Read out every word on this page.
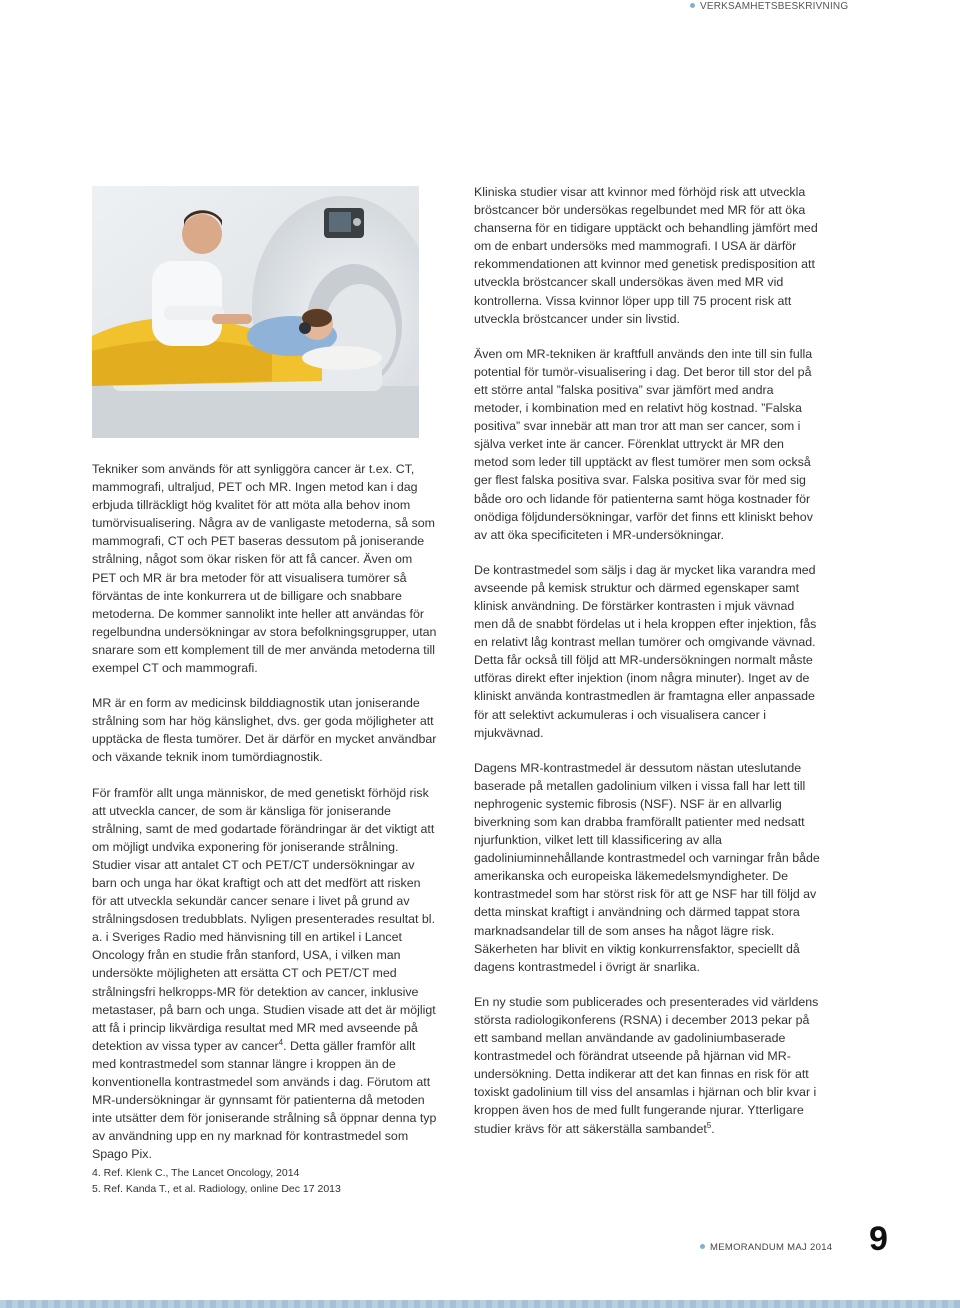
VERKSAMHETSBESKRIVNING

Tekniker som används för att synliggöra cancer är t.ex. CT, mammografi, ultraljud, PET och MR. Ingen metod kan i dag erbjuda tillräckligt hög kvalitet för att möta alla behov inom tumörvisualisering. Några av de vanligaste metoderna, så som mammografi, CT och PET baseras dessutom på joniserande strålning, något som ökar risken för att få cancer. Även om PET och MR är bra metoder för att visualisera tumörer så förväntas de inte konkurrera ut de billigare och snabbare metoderna. De kommer sannolikt inte heller att användas för regelbundna undersökningar av stora befolkningsgrupper, utan snarare som ett komplement till de mer använda metoderna till exempel CT och mammografi.

MR är en form av medicinsk bilddiagnostik utan joniserande strålning som har hög känslighet, dvs. ger goda möjligheter att upptäcka de flesta tumörer. Det är därför en mycket användbar och växande teknik inom tumördiagnostik.

För framför allt unga människor, de med genetiskt förhöjd risk att utveckla cancer, de som är känsliga för joniserande strålning, samt de med godartade förändringar är det viktigt att om möjligt undvika exponering för joniserande strålning. Studier visar att antalet CT och PET/CT undersökningar av barn och unga har ökat kraftigt och att det medfört att risken för att utveckla sekundär cancer senare i livet på grund av strålningsdosen tredubblats. Nyligen presenterades resultat bl. a. i Sveriges Radio med hänvisning till en artikel i Lancet Oncology från en studie från stanford, USA, i vilken man undersökte möjligheten att ersätta CT och PET/CT med strålningsfri helkropps-MR för detektion av cancer, inklusive metastaser, på barn och unga. Studien visade att det är möjligt att få i princip likvärdiga resultat med MR med avseende på detektion av vissa typer av cancer$^4$. Detta gäller framför allt med kontrastmedel som stannar längre i kroppen än de konventionella kontrastmedel som används i dag. Förutom att MR-undersökningar är gynnsamt för patienterna då metoden inte utsätter dem för joniserande strålning så öppnar denna typ av användning upp en ny marknad för kontrastmedel som Spago Pix.

Kliniska studier visar att kvinnor med förhöjd risk att utveckla bröstcancer bör undersökas regelbundet med MR för att öka chanserna för en tidigare upptäckt och behandling jämfört med om de enbart undersöks med mammografi. I USA är därför rekommendationen att kvinnor med genetisk predisposition att utveckla bröstcancer skall undersökas även med MR vid kontrollerna. Vissa kvinnor löper upp till 75 procent risk att utveckla bröstcancer under sin livstid.

Även om MR-tekniken är kraftfull används den inte till sin fulla potential för tumör-visualisering i dag. Det beror till stor del på ett större antal ”falska positiva” svar jämfört med andra metoder, i kombination med en relativt hög kostnad. ”Falska positiva” svar innebär att man tror att man ser cancer, som i själva verket inte är cancer. Förenklat uttryckt är MR den metod som leder till upptäckt av flest tumörer men som också ger flest falska positiva svar. Falska positiva svar för med sig både oro och lidande för patienterna samt höga kostnader för onödiga följdundersökningar, varför det finns ett kliniskt behov av att öka specificiteten i MR-undersökningar.

De kontrastmedel som säljs i dag är mycket lika varandra med avseende på kemisk struktur och därmed egenskaper samt klinisk användning. De förstärker kontrasten i mjuk vävnad men då de snabbt fördelas ut i hela kroppen efter injektion, fås en relativt låg kontrast mellan tumörer och omgivande vävnad. Detta får också till följd att MR-undersökningen normalt måste utföras direkt efter injektion (inom några minuter). Inget av de kliniskt använda kontrastmedlen är framtagna eller anpassade för att selektivt ackumuleras i och visualisera cancer i mjukvävnad.

Dagens MR-kontrastmedel är dessutom nästan uteslutande baserade på metallen gadolinium vilken i vissa fall har lett till nephrogenic systemic fibrosis (NSF). NSF är en allvarlig biverkning som kan drabba framförallt patienter med nedsatt njurfunktion, vilket lett till klassificering av alla gadoliniuminnehållande kontrastmedel och varningar från både amerikanska och europeiska läkemedelsmyndigheter. De kontrastmedel som har störst risk för att ge NSF har till följd av detta minskat kraftigt i användning och därmed tappat stora marknadsandelar till de som anses ha något lägre risk. Säkerheten har blivit en viktig konkurrensfaktor, speciellt då dagens kontrastmedel i övrigt är snarlika.

En ny studie som publicerades och presenterades vid världens största radiologikonferens (RSNA) i december 2013 pekar på ett samband mellan användande av gadoliniumbaserade kontrastmedel och förändrat utseende på hjärnan vid MR-undersökning. Detta indikerar att det kan finnas en risk för att toxiskt gadolinium till viss del ansamlas i hjärnan och blir kvar i kroppen även hos de med fullt fungerande njurar. Ytterligare studier krävs för att säkerställa sambandet$^5$.

4. Ref. Klenk C., The Lancet Oncology, 2014
5. Ref. Kanda T., et al. Radiology, online Dec 17 2013
MEMORANDUM MAJ 2014 9
